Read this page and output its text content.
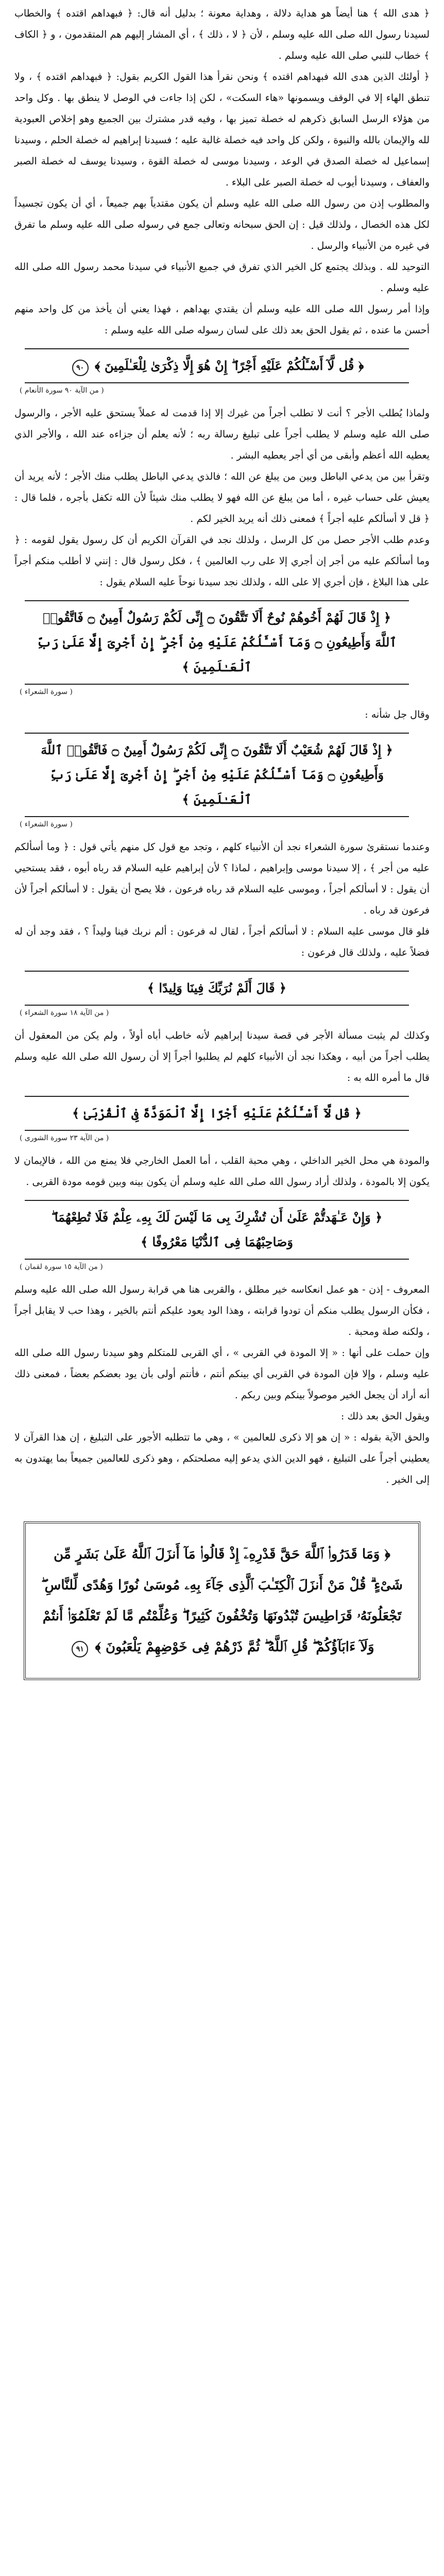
﴿ هدى الله ﴾ هنا أيضاً هو هداية دلالة ، وهداية معونة ؛ بدليل أنه قال: ﴿ فبهداهم اقتده ﴾ والخطاب لسيدنا رسول الله صلى الله عليه وسلم ، لأن ﴿ لا ، ذلك ﴾ ، أي المشار إليهم هم المتقدمون ، و ﴿ الكاف ﴾ خطاب للنبي صلى الله عليه وسلم .

﴿ أولئك الذين هدى الله فبهداهم اقتده ﴾ ونحن نقرأ هذا القول الكريم بقول: ﴿ فبهداهم اقتده ﴾ ، ولا تنطق الهاء إلا في الوقف ويسمونها «هاء السكت» ، لكن إذا جاءت في الوصل لا ينطق بها . وكل واحد من هؤلاء الرسل السابق ذكرهم له خصلة تميز بها ، وفيه قدر مشترك بين الجميع وهو إخلاص العبودية لله والإيمان بالله والنبوة ، ولكن كل واحد فيه خصلة غالبة عليه ؛ فسيدنا إبراهيم له خصلة الحلم ، وسيدنا إسماعيل له خصلة الصدق في الوعد ، وسيدنا موسى له خصلة القوة ، وسيدنا يوسف له خصلة الصبر والعفاف ، وسيدنا أيوب له خصلة الصبر على البلاء .

والمطلوب إذن من رسول الله صلى الله عليه وسلم أن يكون مقتدياً بهم جميعاً ، أي أن يكون تجسيداً لكل هذه الخصال ، ولذلك قيل : إن الحق سبحانه وتعالى جمع في رسوله صلى الله عليه وسلم ما تفرق في غيره من الأنبياء والرسل .

التوحيد لله . وبذلك يجتمع كل الخير الذي تفرق في جميع الأنبياء في سيدنا محمد رسول الله صلى الله عليه وسلم .

وإذا أمر رسول الله صلى الله عليه وسلم أن يقتدي بهداهم ، فهذا يعني أن يأخذ من كل واحد منهم أحسن ما عنده ، ثم يقول الحق بعد ذلك على لسان رسوله صلى الله عليه وسلم :

﴿ قُل لَّآ أَسْـَٔلُكُمْ عَلَيْهِ أَجْرًا ۖ إِنْ هُوَ إِلَّا ذِكْرَىٰ لِلْعَـٰلَمِينَ ﴾ ٩٠
( من الآية ٩٠ سورة الأنعام )

ولماذا يُطلب الأجر ؟ أنت لا تطلب أجراً من غيرك إلا إذا قدمت له عملاً يستحق عليه الأجر ، والرسول صلى الله عليه وسلم لا يطلب أجراً على تبليغ رسالة ربه ؛ لأنه يعلم أن جزاءه عند الله ، والأجر الذي يعطيه الله أعظم وأبقى من أي أجر يعطيه البشر .

وتقرأ بين من يدعي الباطل وبين من يبلغ عن الله ؛ فالذي يدعي الباطل يطلب منك الأجر ؛ لأنه يريد أن يعيش على حساب غيره ، أما من يبلغ عن الله فهو لا يطلب منك شيئاً لأن الله تكفل بأجره ، فلما قال : ﴿ قل لا أسألكم عليه أجراً ﴾ فمعنى ذلك أنه يريد الخير لكم .

وعدم طلب الأجر حصل من كل الرسل ، ولذلك نجد في القرآن الكريم أن كل رسول يقول لقومه : ﴿ وما أسألكم عليه من أجر إن أجري إلا على رب العالمين ﴾ ، فكل رسول قال : إنني لا أطلب منكم أجراً على هذا البلاغ ، فإن أجري إلا على الله ، ولذلك نجد سيدنا نوحاً عليه السلام يقول :

﴿ إِذْ قَالَ لَهُمْ أَخُوهُمْ نُوحٌ أَلَا تَتَّقُونَ ۝ إِنِّى لَكُمْ رَسُولٌ أَمِينٌ ۝ فَاتَّقُوا۟ ٱللَّهَ وَأَطِيعُونِ ۝ وَمَآ أَسْـَٔلُكُمْ عَلَيْهِ مِنْ أَجْرٍ ۖ إِنْ أَجْرِىَ إِلَّا عَلَىٰ رَبِّ ٱلْعَـٰلَمِينَ ﴾
( سورة الشعراء )

وقال جل شأنه :

﴿ إِذْ قَالَ لَهُمْ شُعَيْبٌ أَلَا تَتَّقُونَ ۝ إِنِّى لَكُمْ رَسُولٌ أَمِينٌ ۝ فَاتَّقُوا۟ ٱللَّهَ وَأَطِيعُونِ ۝ وَمَآ أَسْـَٔلُكُمْ عَلَيْهِ مِنْ أَجْرٍ ۖ إِنْ أَجْرِىَ إِلَّا عَلَىٰ رَبِّ ٱلْعَـٰلَمِينَ ﴾
( سورة الشعراء )

وعندما نستقرئ سورة الشعراء نجد أن الأنبياء كلهم ، وتجد مع قول كل منهم يأتي قول : ﴿ وما أسألكم عليه من أجر ﴾ ، إلا سيدنا موسى وإبراهيم ، لماذا ؟ لأن إبراهيم عليه السلام قد رباه أبوه ، فقد يستحيي أن يقول : لا أسألكم أجراً ، وموسى عليه السلام قد رباه فرعون ، فلا يصح أن يقول : لا أسألكم أجراً لأن فرعون قد رباه .

فلو قال موسى عليه السلام : لا أسألكم أجراً ، لقال له فرعون : ألم نربك فينا وليداً ؟ ، فقد وجد أن له فضلاً عليه ، ولذلك قال فرعون :

﴿ قَالَ أَلَمْ نُرَبِّكَ فِينَا وَلِيدًا ﴾
( من الآية ١٨ سورة الشعراء )

وكذلك لم يثبت مسألة الأجر في قصة سيدنا إبراهيم لأنه خاطب أباه أولاً ، ولم يكن من المعقول أن يطلب أجراً من أبيه ، وهكذا نجد أن الأنبياء كلهم لم يطلبوا أجراً إلا أن رسول الله صلى الله عليه وسلم قال ما أمره الله به :

﴿ قُل لَّآ أَسْـَٔلُكُمْ عَلَيْهِ أَجْرًا إِلَّا ٱلْمَوَدَّةَ فِى ٱلْقُرْبَىٰ ﴾
( من الآية ٢٣ سورة الشورى )

والمودة هي محل الخير الداخلي ، وهي محبة القلب ، أما العمل الخارجي فلا يمنع من الله ، فالإيمان لا يكون إلا بالمودة ، ولذلك أراد رسول الله صلى الله عليه وسلم أن يكون بينه وبين قومه مودة القربى .

﴿ وَإِنْ عَـٰهَدتُّمْ عَلَىٰ أَن تُشْرِكَ بِى مَا لَيْسَ لَكَ بِهِۦ عِلْمٌ فَلَا تُطِعْهُمَا ۖ وَصَاحِبْهُمَا فِى ٱلدُّنْيَا مَعْرُوفًا ﴾
( من الآية ١٥ سورة لقمان )

المعروف - إذن - هو عمل انعكاسه خير مطلق ، والقربى هنا هي قرابة رسول الله صلى الله عليه وسلم ، فكأن الرسول يطلب منكم أن تودوا قرابته ، وهذا الود يعود عليكم أنتم بالخير ، وهذا حب لا يقابل أجراً ، ولكنه صلة ومحبة .

وإن حملت على أنها : « إلا المودة في القربى » ، أي القربى للمتكلم وهو سيدنا رسول الله صلى الله عليه وسلم ، وإلا فإن المودة في القربى أي بينكم أنتم ، فأنتم أولى بأن يود بعضكم بعضاً ، فمعنى ذلك أنه أراد أن يجعل الخير موصولاً بينكم وبين ربكم .

ويقول الحق بعد ذلك :

والحق الآية بقوله : « إن هو إلا ذكرى للعالمين » ، وهي ما تتطلبه الأجور على التبليغ ، إن هذا القرآن لا يعطيني أجراً على التبليغ ، فهو الدين الذي يدعو إليه مصلحتكم ، وهو ذكرى للعالمين جميعاً بما يهتدون به إلى الخير .

﴿ وَمَا قَدَرُوا۟ ٱللَّهَ حَقَّ قَدْرِهِۦٓ إِذْ قَالُوا۟ مَآ أَنزَلَ ٱللَّهُ عَلَىٰ بَشَرٍ مِّن شَىْءٍ ۗ قُلْ مَنْ أَنزَلَ ٱلْكِتَـٰبَ ٱلَّذِى جَآءَ بِهِۦ مُوسَىٰ نُورًا وَهُدًى لِّلنَّاسِ ۖ تَجْعَلُونَهُۥ قَرَاطِيسَ تُبْدُونَهَا وَتُخْفُونَ كَثِيرًا ۖ وَعُلِّمْتُم مَّا لَمْ تَعْلَمُوٓا۟ أَنتُمْ وَلَآ ءَابَآؤُكُمْ ۖ قُلِ ٱللَّهُ ۖ ثُمَّ ذَرْهُمْ فِى خَوْضِهِمْ يَلْعَبُونَ ﴾ ٩١
